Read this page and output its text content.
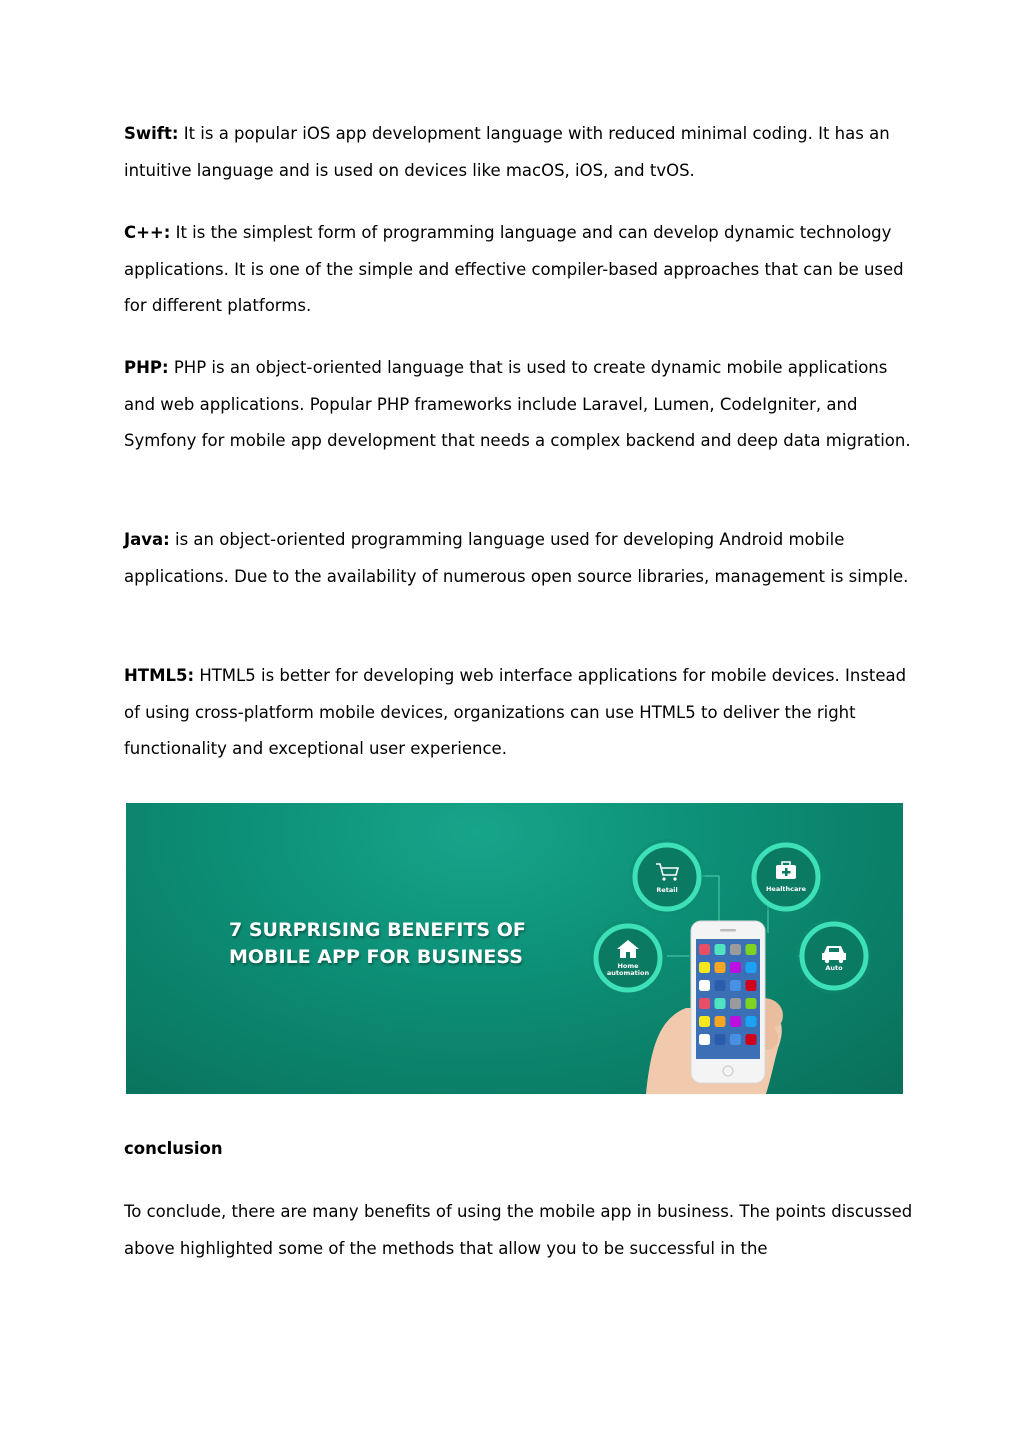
Swift: It is a popular iOS app development language with reduced minimal coding. It has an intuitive language and is used on devices like macOS, iOS, and tvOS.

C++: It is the simplest form of programming language and can develop dynamic technology applications. It is one of the simple and effective compiler-based approaches that can be used for different platforms.

PHP: PHP is an object-oriented language that is used to create dynamic mobile applications and web applications. Popular PHP frameworks include Laravel, Lumen, CodeIgniter, and Symfony for mobile app development that needs a complex backend and deep data migration.

Java: is an object-oriented programming language used for developing Android mobile applications. Due to the availability of numerous open source libraries, management is simple.

HTML5: HTML5 is better for developing web interface applications for mobile devices. Instead of using cross-platform mobile devices, organizations can use HTML5 to deliver the right functionality and exceptional user experience.

7 SURPRISING BENEFITS OF
MOBILE APP FOR BUSINESS
Retail	Healthcare
Home automation
Auto
conclusion

To conclude, there are many benefits of using the mobile app in business. The points discussed above highlighted some of the methods that allow you to be successful in the
